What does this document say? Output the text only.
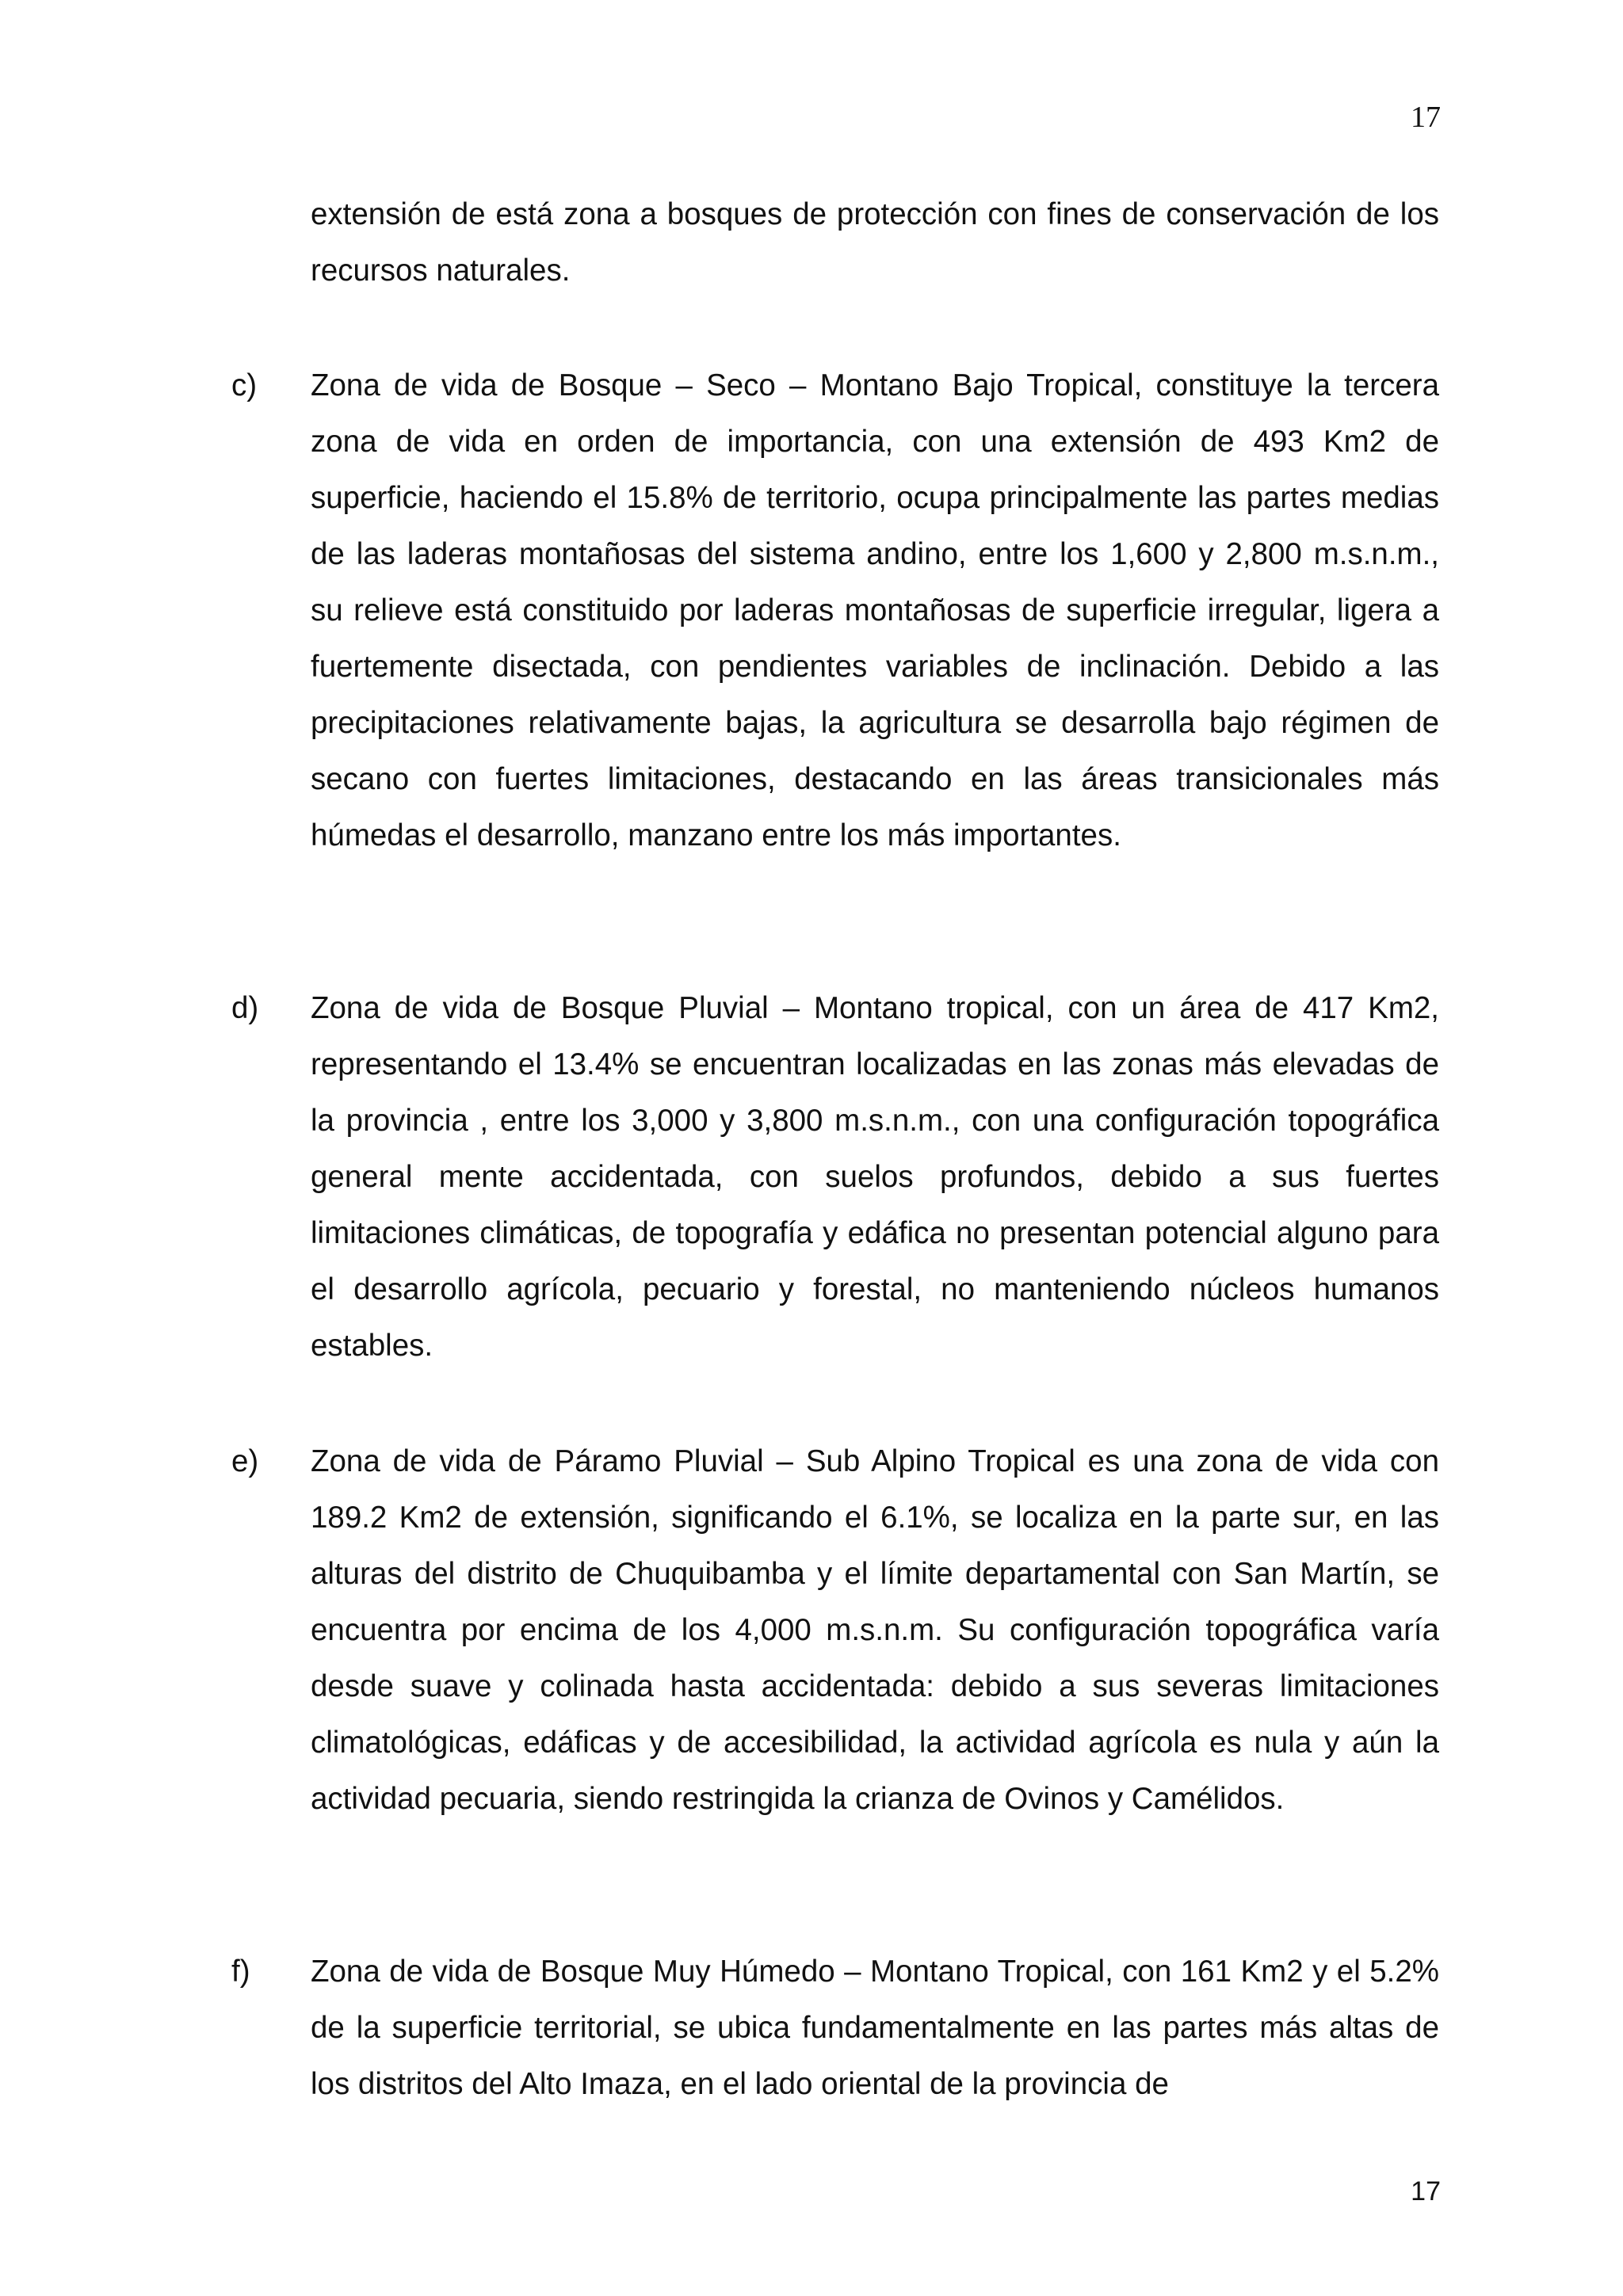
17
extensión de está zona a bosques de protección con fines de conservación de los recursos naturales.
c) Zona de vida de Bosque – Seco – Montano Bajo Tropical, constituye la tercera zona de vida en orden de importancia, con una extensión de 493 Km2 de superficie, haciendo el 15.8% de territorio, ocupa principalmente las partes medias de las laderas montañosas del sistema andino, entre los 1,600 y 2,800 m.s.n.m., su relieve está constituido por laderas montañosas de superficie irregular, ligera a fuertemente disectada, con pendientes variables de inclinación. Debido a las precipitaciones relativamente bajas, la agricultura se desarrolla bajo régimen de secano con fuertes limitaciones, destacando en las áreas transicionales más húmedas el desarrollo, manzano entre los más importantes.
d) Zona de vida de Bosque Pluvial – Montano tropical, con un área de 417 Km2, representando el 13.4% se encuentran localizadas en las zonas más elevadas de la provincia , entre los 3,000 y 3,800 m.s.n.m., con una configuración topográfica general mente accidentada, con suelos profundos, debido a sus fuertes limitaciones climáticas, de topografía y edáfica no presentan potencial alguno para el desarrollo agrícola, pecuario y forestal, no manteniendo núcleos humanos estables.
e) Zona de vida de Páramo Pluvial – Sub Alpino Tropical es una zona de vida con 189.2 Km2 de extensión, significando el 6.1%, se localiza en la parte sur, en las alturas del distrito de Chuquibamba y el límite departamental con San Martín, se encuentra por encima de los 4,000 m.s.n.m. Su configuración topográfica varía desde suave y colinada hasta accidentada: debido a sus severas limitaciones climatológicas, edáficas y de accesibilidad, la actividad agrícola es nula y aún la actividad pecuaria, siendo restringida la crianza de Ovinos y Camélidos.
f) Zona de vida de Bosque Muy Húmedo – Montano Tropical, con 161 Km2 y el 5.2% de la superficie territorial, se ubica fundamentalmente en las partes más altas de los distritos del Alto Imaza, en el lado oriental de la provincia de
17
